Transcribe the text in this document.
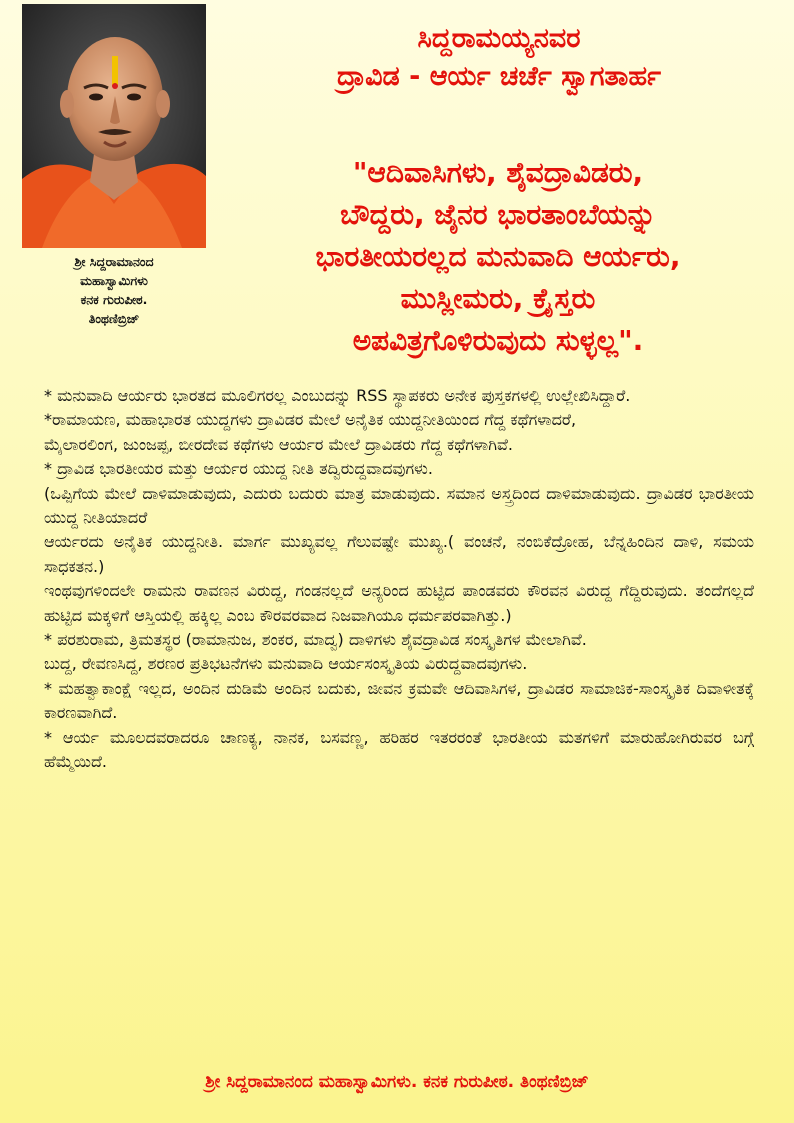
ಶ್ರೀ ಸಿದ್ದರಾಮಾನಂದ
ಮಹಾಸ್ವಾಮಿಗಳು
ಕನಕ ಗುರುಪೀಠ.
ತಿಂಥಣಿಬ್ರಿಜ್
ಸಿದ್ದರಾಮಯ್ಯನವರ
ದ್ರಾವಿಡ - ಆರ್ಯ ಚರ್ಚೆ ಸ್ವಾಗತಾರ್ಹ
"ಆದಿವಾಸಿಗಳು, ಶೈವದ್ರಾವಿಡರು,
ಬೌದ್ದರು, ಜೈನರ ಭಾರತಾಂಬೆಯನ್ನು
ಭಾರತೀಯರಲ್ಲದ ಮನುವಾದಿ ಆರ್ಯರು,
ಮುಸ್ಲೀಮರು, ಕ್ರೈಸ್ತರು
ಅಪವಿತ್ರಗೊಳಿರುವುದು ಸುಳ್ಳಲ್ಲ".
* ಮನುವಾದಿ ಆರ್ಯರು ಭಾರತದ ಮೂಲಿಗರಲ್ಲ ಎಂಬುದನ್ನು RSS ಸ್ಥಾಪಕರು ಅನೇಕ ಪುಸ್ತಕಗಳಲ್ಲಿ ಉಲ್ಲೇಖಿಸಿದ್ದಾರೆ.
*ರಾಮಾಯಣ, ಮಹಾಭಾರತ ಯುದ್ದಗಳು ದ್ರಾವಿಡರ ಮೇಲೆ ಅನೈತಿಕ ಯುದ್ದನೀತಿಯಿಂದ ಗೆದ್ದ ಕಥೆಗಳಾದರೆ,
ಮೈಲಾರಲಿಂಗ, ಜುಂಜಪ್ಪ, ಬೀರದೇವ ಕಥೆಗಳು ಆರ್ಯರ ಮೇಲೆ ದ್ರಾವಿಡರು ಗೆದ್ದ ಕಥೆಗಳಾಗಿವೆ.
* ದ್ರಾವಿಡ ಭಾರತೀಯರ ಮತ್ತು ಆರ್ಯರ ಯುದ್ದ ನೀತಿ ತದ್ವಿರುದ್ದವಾದವುಗಳು.
(ಒಪ್ಪಿಗೆಯ ಮೇಲೆ ದಾಳಿಮಾಡುವುದು, ಎದುರು ಬದುರು ಮಾತ್ರ ಮಾಡುವುದು. ಸಮಾನ ಅಸ್ತ್ರದಿಂದ ದಾಳಿಮಾಡುವುದು. ದ್ರಾವಿಡರ ಭಾರತೀಯ ಯುದ್ದ ನೀತಿಯಾದರೆ
ಆರ್ಯರದು ಅನೈತಿಕ ಯುದ್ದನೀತಿ. ಮಾರ್ಗ ಮುಖ್ಯವಲ್ಲ ಗೆಲುವಷ್ಟೇ ಮುಖ್ಯ.( ವಂಚನೆ, ನಂಬಿಕೆದ್ರೋಹ, ಬೆನ್ನಹಿಂದಿನ ದಾಳಿ, ಸಮಯ ಸಾಧಕತನ.)
ಇಂಥವುಗಳಿಂದಲೇ ರಾಮನು ರಾವಣನ ವಿರುದ್ದ, ಗಂಡನಲ್ಲದೆ ಅನ್ಯರಿಂದ ಹುಟ್ಟಿದ ಪಾಂಡವರು ಕೌರವನ ವಿರುದ್ದ ಗೆದ್ದಿರುವುದು. ತಂದೆಗಲ್ಲದೆ ಹುಟ್ಟಿದ ಮಕ್ಕಳಿಗೆ ಆಸ್ತಿಯಲ್ಲಿ ಹಕ್ಕಿಲ್ಲ ಎಂಬ ಕೌರವರವಾದ ನಿಜವಾಗಿಯೂ ಧರ್ಮಪರವಾಗಿತ್ತು.)
* ಪರಶುರಾಮ, ತ್ರಿಮತಸ್ಥರ (ರಾಮಾನುಜ, ಶಂಕರ, ಮಾದ್ವ) ದಾಳಿಗಳು ಶೈವದ್ರಾವಿಡ ಸಂಸ್ಕೃತಿಗಳ ಮೇಲಾಗಿವೆ.
ಬುದ್ದ, ರೇವಣಸಿದ್ದ, ಶರಣರ ಪ್ರತಿಭಟನೆಗಳು ಮನುವಾದಿ ಆರ್ಯಸಂಸ್ಕೃತಿಯ ವಿರುದ್ದವಾದವುಗಳು.
* ಮಹತ್ವಾಕಾಂಕ್ಷೆ ಇಲ್ಲದ, ಅಂದಿನ ದುಡಿಮೆ ಅಂದಿನ ಬದುಕು, ಜೀವನ ಕ್ರಮವೇ ಆದಿವಾಸಿಗಳ, ದ್ರಾವಿಡರ ಸಾಮಾಜಿಕ-ಸಾಂಸ್ಕೃತಿಕ ದಿವಾಳೀತಕ್ಕೆ ಕಾರಣವಾಗಿದೆ.
* ಆರ್ಯ ಮೂಲದವರಾದರೂ ಚಾಣಕ್ಯ, ನಾನಕ, ಬಸವಣ್ಣ, ಹರಿಹರ ಇತರರಂತೆ ಭಾರತೀಯ ಮತಗಳಿಗೆ ಮಾರುಹೋಗಿರುವರ ಬಗ್ಗೆ ಹೆಮ್ಮೆಯಿದೆ.
ಶ್ರೀ ಸಿದ್ದರಾಮಾನಂದ ಮಹಾಸ್ವಾಮಿಗಳು. ಕನಕ ಗುರುಪೀಠ. ತಿಂಥಣಿಬ್ರಿಜ್
